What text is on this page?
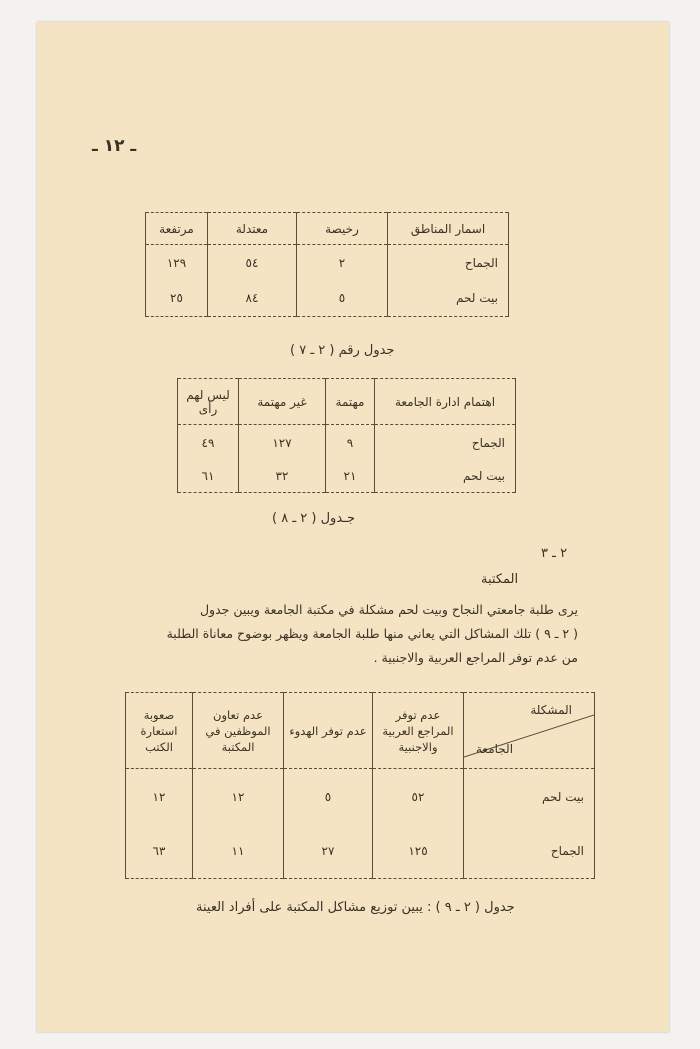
ـ ١٢ ـ
اسمار المناطق	رخيصة	معتدلة	مرتفعة
الجماح	٢	٥٤	١٢٩
بيت لحم	٥	٨٤	٢٥
جدول رقم ( ٢ ـ ٧ )
اهتمام ادارة الجامعة	مهتمة	غير مهتمة	ليس لهم رأى
الجماح	٩	١٢٧	٤٩
بيت لحم	٢١	٣٢	٦١
جـدول ( ٢ ـ ٨ )
٢ ـ ٣
المكتبة
يرى طلبة جامعتي النجاح وبيت لحم مشكلة في مكتبة الجامعة ويبين جدول
( ٢ ـ ٩ ) تلك المشاكل التي يعاني منها طلبة الجامعة ويظهر بوضوح معاناة الطلبة
من عدم توفر المراجع العربية والاجنبية .
المشكلة
الجامعة	عدم توفر المراجع العربية والاجنبية	عدم توفر الهدوء	عدم تعاون الموظفين في المكتبة	صعوبة استعارة الكتب
بيت لحم	٥٢	٥	١٢	١٢
الجماح	١٢٥	٢٧	١١	٦٣
جدول ( ٢ ـ ٩ ) : يبين توزيع مشاكل المكتبة على أفراد العينة
